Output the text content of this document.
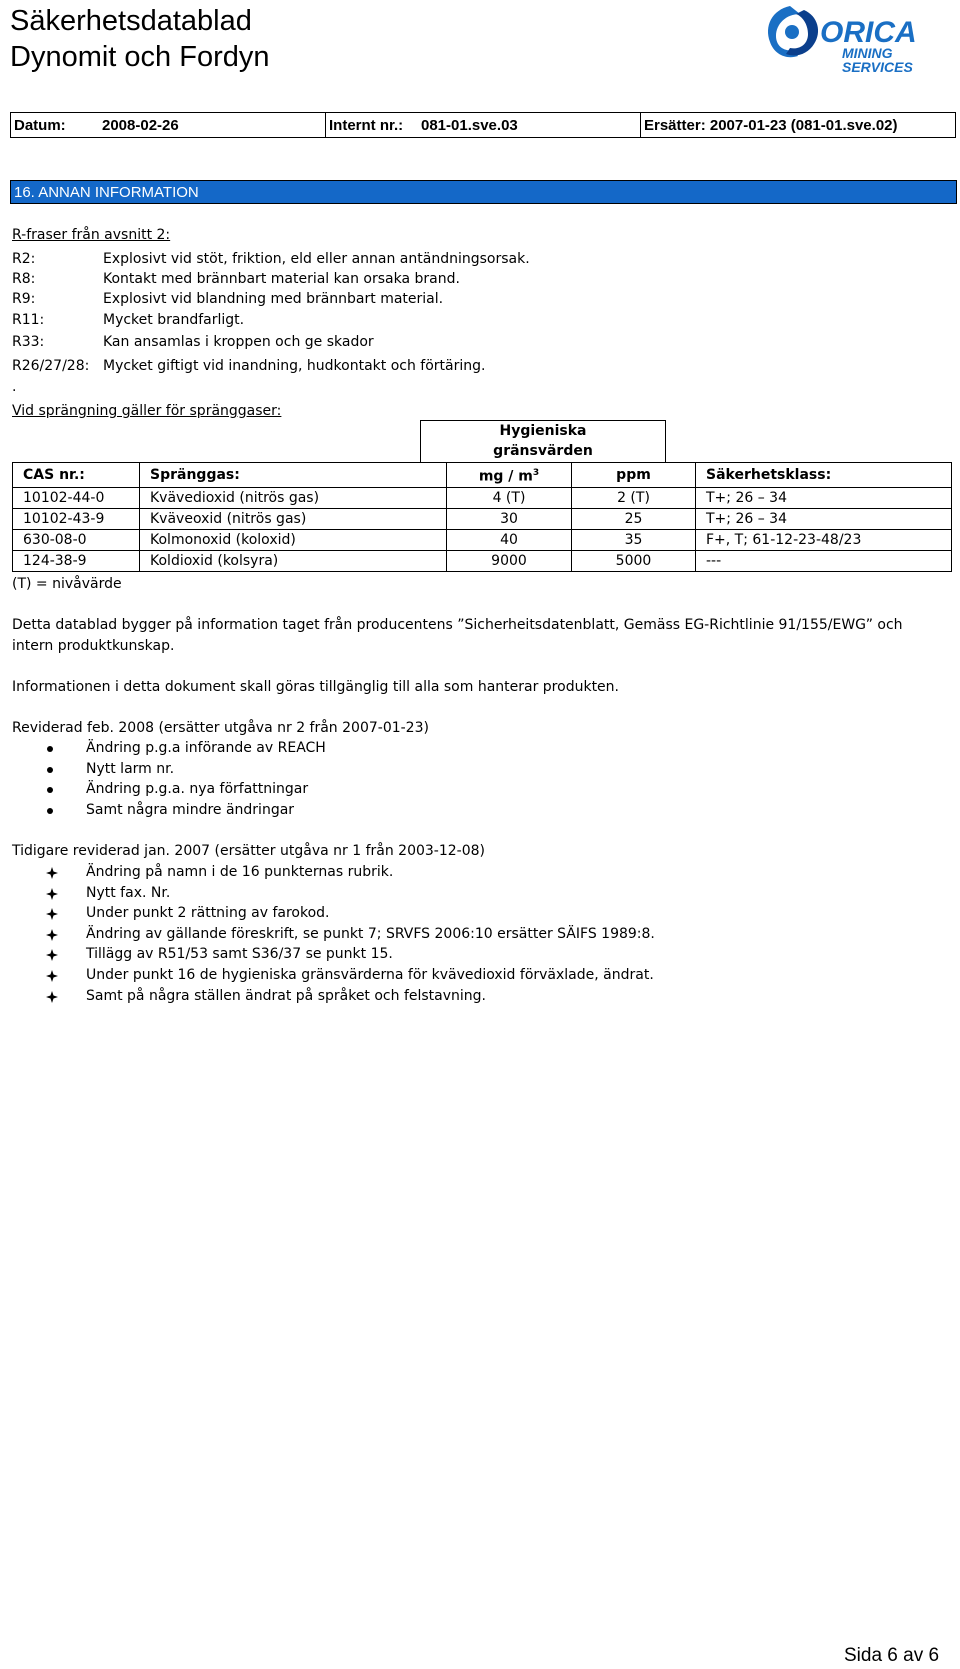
Säkerhetsdatablad
Dynomit och Fordyn
ORICA
MINING
SERVICES
Datum:	2008-02-26	Internt nr.:	081-01.sve.03	Ersätter: 2007-01-23 (081-01.sve.02)
16. ANNAN INFORMATION
R-fraser från avsnitt 2:
R2:	Explosivt vid stöt, friktion, eld eller annan antändningsorsak.
R8:	Kontakt med brännbart material kan orsaka brand.
R9:	Explosivt vid blandning med brännbart material.
R11:	Mycket brandfarligt.
R33:	Kan ansamlas i kroppen och ge skador
R26/27/28: Mycket giftigt vid inandning, hudkontakt och förtäring.
.
Vid sprängning gäller för spränggaser:
Hygieniska
gränsvärden
CAS nr.:	Spränggas:	mg / $m^3$	ppm	Säkerhetsklass:
10102-44-0	Kvävedioxid (nitrös gas)	4 (T)	2 (T)	T+; 26 – 34
10102-43-9	Kväveoxid (nitrös gas)	30	25	T+; 26 – 34
630-08-0	Kolmonoxid (koloxid)	40	35	F+, T; 61-12-23-48/23
124-38-9	Koldioxid (kolsyra)	9000	5000	---
(T) = nivåvärde
Detta datablad bygger på information taget från producentens ”Sicherheitsdatenblatt, Gemäss EG-Richtlinie 91/155/EWG” och
intern produktkunskap.
Informationen i detta dokument skall göras tillgänglig till alla som hanterar produkten.
Reviderad feb. 2008 (ersätter utgåva nr 2 från 2007-01-23)
Ändring p.g.a införande av REACH
Nytt larm nr.
Ändring p.g.a. nya författningar
Samt några mindre ändringar
Tidigare reviderad jan. 2007 (ersätter utgåva nr 1 från 2003-12-08)
Ändring på namn i de 16 punkternas rubrik.
Nytt fax. Nr.
Under punkt 2 rättning av farokod.
Ändring av gällande föreskrift, se punkt 7; SRVFS 2006:10 ersätter SÄIFS 1989:8.
Tillägg av R51/53 samt S36/37 se punkt 15.
Under punkt 16 de hygieniska gränsvärderna för kvävedioxid förväxlade, ändrat.
Samt på några ställen ändrat på språket och felstavning.
Sida 6 av 6
